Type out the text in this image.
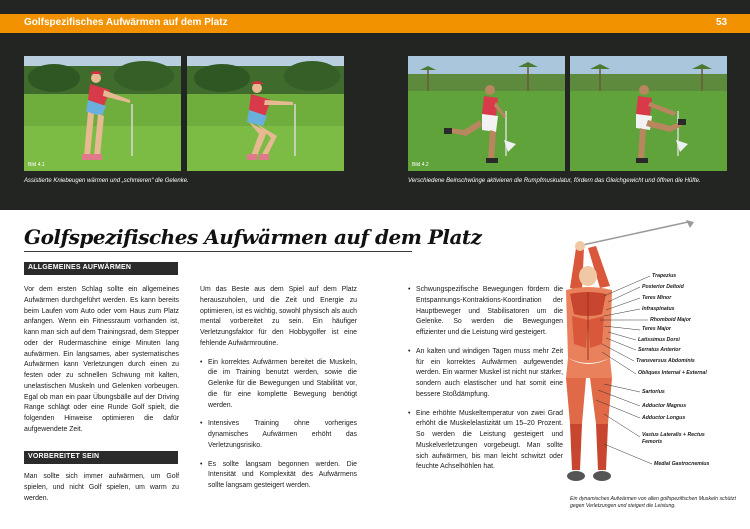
Golfspezifisches Aufwärmen auf dem Platz	53
Bild 4.1	Bild 4.2
Assistierte Kniebeugen wärmen und „schmieren“ die Gelenke.	Verschiedene Beinschwünge aktivieren die Rumpfmuskulatur, fördern das Gleichgewicht und öffnen die Hüfte.
Golfspezifisches Aufwärmen auf dem Platz
ALLGEMEINES AUFWÄRMEN

Vor dem ersten Schlag sollte ein allgemeines Aufwärmen durchgeführt werden. Es kann bereits beim Laufen vom Auto oder vom Haus zum Platz anfangen. Wenn ein Fitnessraum vorhanden ist, kann man sich auf dem Trainingsrad, dem Stepper oder der Rudermaschine einige Minuten lang aufwärmen. Ein langsames, aber systematisches Aufwärmen kann Verletzungen durch einen zu festen oder zu schnellen Schwung mit kalten, unelastischen Muskeln und Gelenken vorbeugen. Egal ob man ein paar Übungsbälle auf der Driving Range schlägt oder eine Runde Golf spielt, die folgenden Hinweise optimieren die dafür aufgewendete Zeit.

VORBEREITET SEIN

Man sollte sich immer aufwärmen, um Golf spielen, und nicht Golf spielen, um warm zu werden.

Um das Beste aus dem Spiel auf dem Platz herauszuholen, und die Zeit und Energie zu optimieren, ist es wichtig, sowohl physisch als auch mental vorbereitet zu sein. Ein häufiger Verletzungsfaktor für den Hobbygolfer ist eine fehlende Aufwärmroutine.

• Ein korrektes Aufwärmen bereitet die Muskeln, die im Training benutzt werden, sowie die Gelenke für die Bewegungen und Stabilität vor, die für eine komplette Bewegung benötigt werden.

• Intensives Training ohne vorheriges dynamisches Aufwärmen erhöht das Verletzungsrisiko.

• Es sollte langsam begonnen werden. Die Intensität und Komplexität des Aufwärmens sollte langsam gesteigert werden.

• Schwungspezifische Bewegungen fördern die Entspannungs-Kontraktions-Koordination der Hauptbeweger und Stabilisatoren um die Gelenke. So werden die Bewegungen effizienter und die Leistung wird gesteigert.

• An kalten und windigen Tagen muss mehr Zeit für ein korrektes Aufwärmen aufgewendet werden. Ein warmer Muskel ist nicht nur stärker, sondern auch elastischer und hat somit eine bessere Stoßdämpfung.

• Eine erhöhte Muskeltemperatur von zwei Grad erhöht die Muskelelastizität um 15–20 Prozent. So werden die Leistung gesteigert und Muskelverletzungen vorgebeugt. Man sollte sich aufwärmen, bis man leicht schwitzt oder feuchte Achselhöhlen hat.

Trapezius
Posterior Deltoid
Teres Minor
Infraspinatus
Rhomboid Major
Teres Major
Latissimus Dorsi
Serratus Anterior
Transversus Abdominis
Obliques Internal + External
Sartorius
Adductor Magnus
Adductor Longus
Vastus Lateralis + Rectus Femoris
Medial Gastrocnemius
Ein dynamisches Aufwärmen von allen golfspezifischen Muskeln schützt gegen Verletzungen und steigert die Leistung.
